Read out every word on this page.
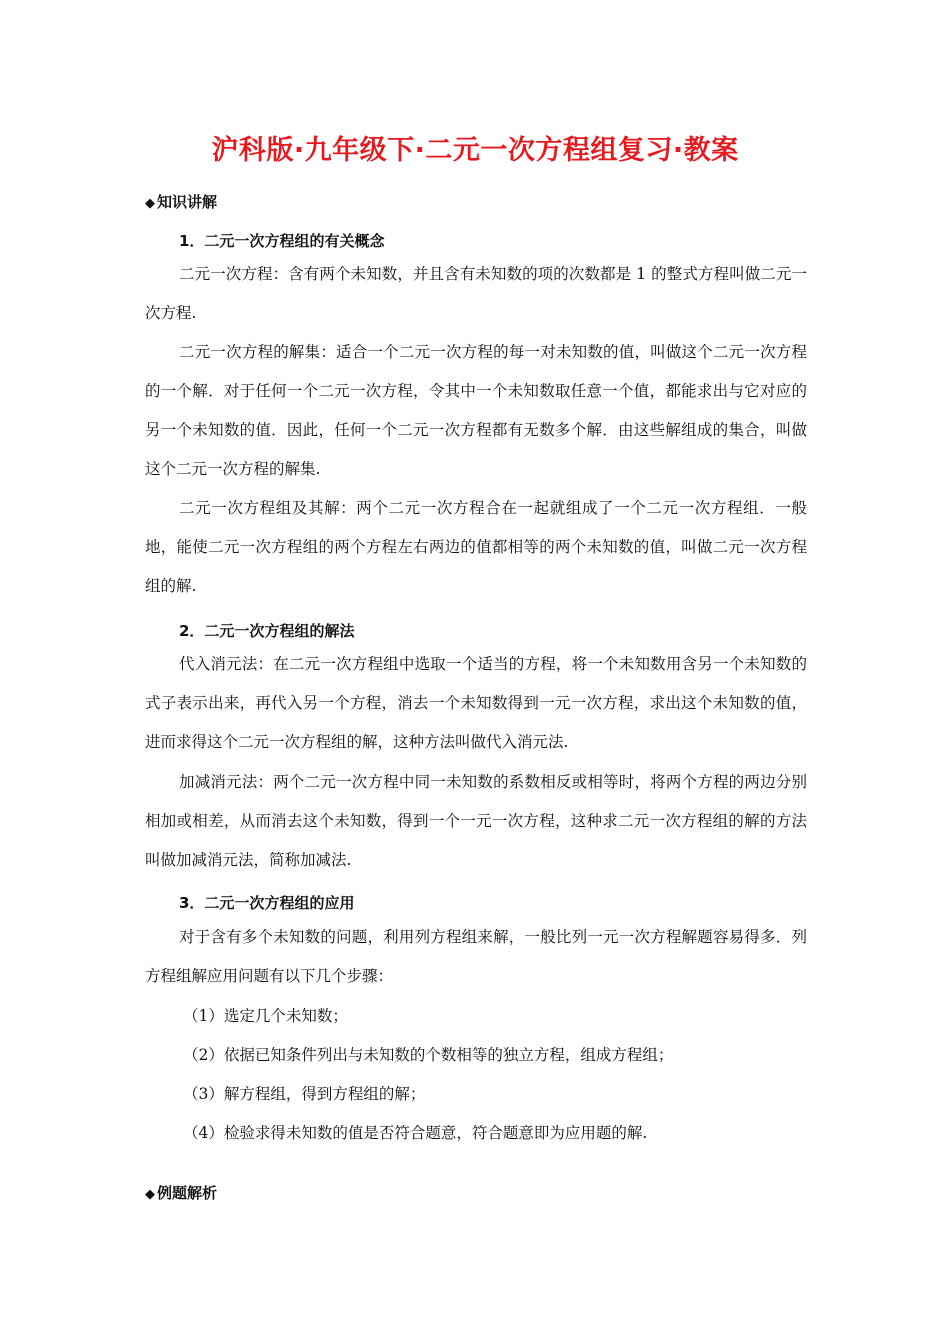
沪科版·九年级下·二元一次方程组复习·教案
◆ 知识讲解
1．二元一次方程组的有关概念
二元一次方程：含有两个未知数，并且含有未知数的项的次数都是 1 的整式方程叫做二元一次方程.
二元一次方程的解集：适合一个二元一次方程的每一对未知数的值，叫做这个二元一次方程的一个解．对于任何一个二元一次方程，令其中一个未知数取任意一个值，都能求出与它对应的另一个未知数的值．因此，任何一个二元一次方程都有无数多个解．由这些解组成的集合，叫做这个二元一次方程的解集.
二元一次方程组及其解：两个二元一次方程合在一起就组成了一个二元一次方程组．一般地，能使二元一次方程组的两个方程左右两边的值都相等的两个未知数的值，叫做二元一次方程组的解.
2．二元一次方程组的解法
代入消元法：在二元一次方程组中选取一个适当的方程，将一个未知数用含另一个未知数的式子表示出来，再代入另一个方程，消去一个未知数得到一元一次方程，求出这个未知数的值，进而求得这个二元一次方程组的解，这种方法叫做代入消元法.
加减消元法：两个二元一次方程中同一未知数的系数相反或相等时，将两个方程的两边分别相加或相差，从而消去这个未知数，得到一个一元一次方程，这种求二元一次方程组的解的方法叫做加减消元法，简称加减法.
3．二元一次方程组的应用
对于含有多个未知数的问题，利用列方程组来解，一般比列一元一次方程解题容易得多．列方程组解应用问题有以下几个步骤：
（1）选定几个未知数；
（2）依据已知条件列出与未知数的个数相等的独立方程，组成方程组；
（3）解方程组，得到方程组的解；
（4）检验求得未知数的值是否符合题意，符合题意即为应用题的解.
◆ 例题解析
